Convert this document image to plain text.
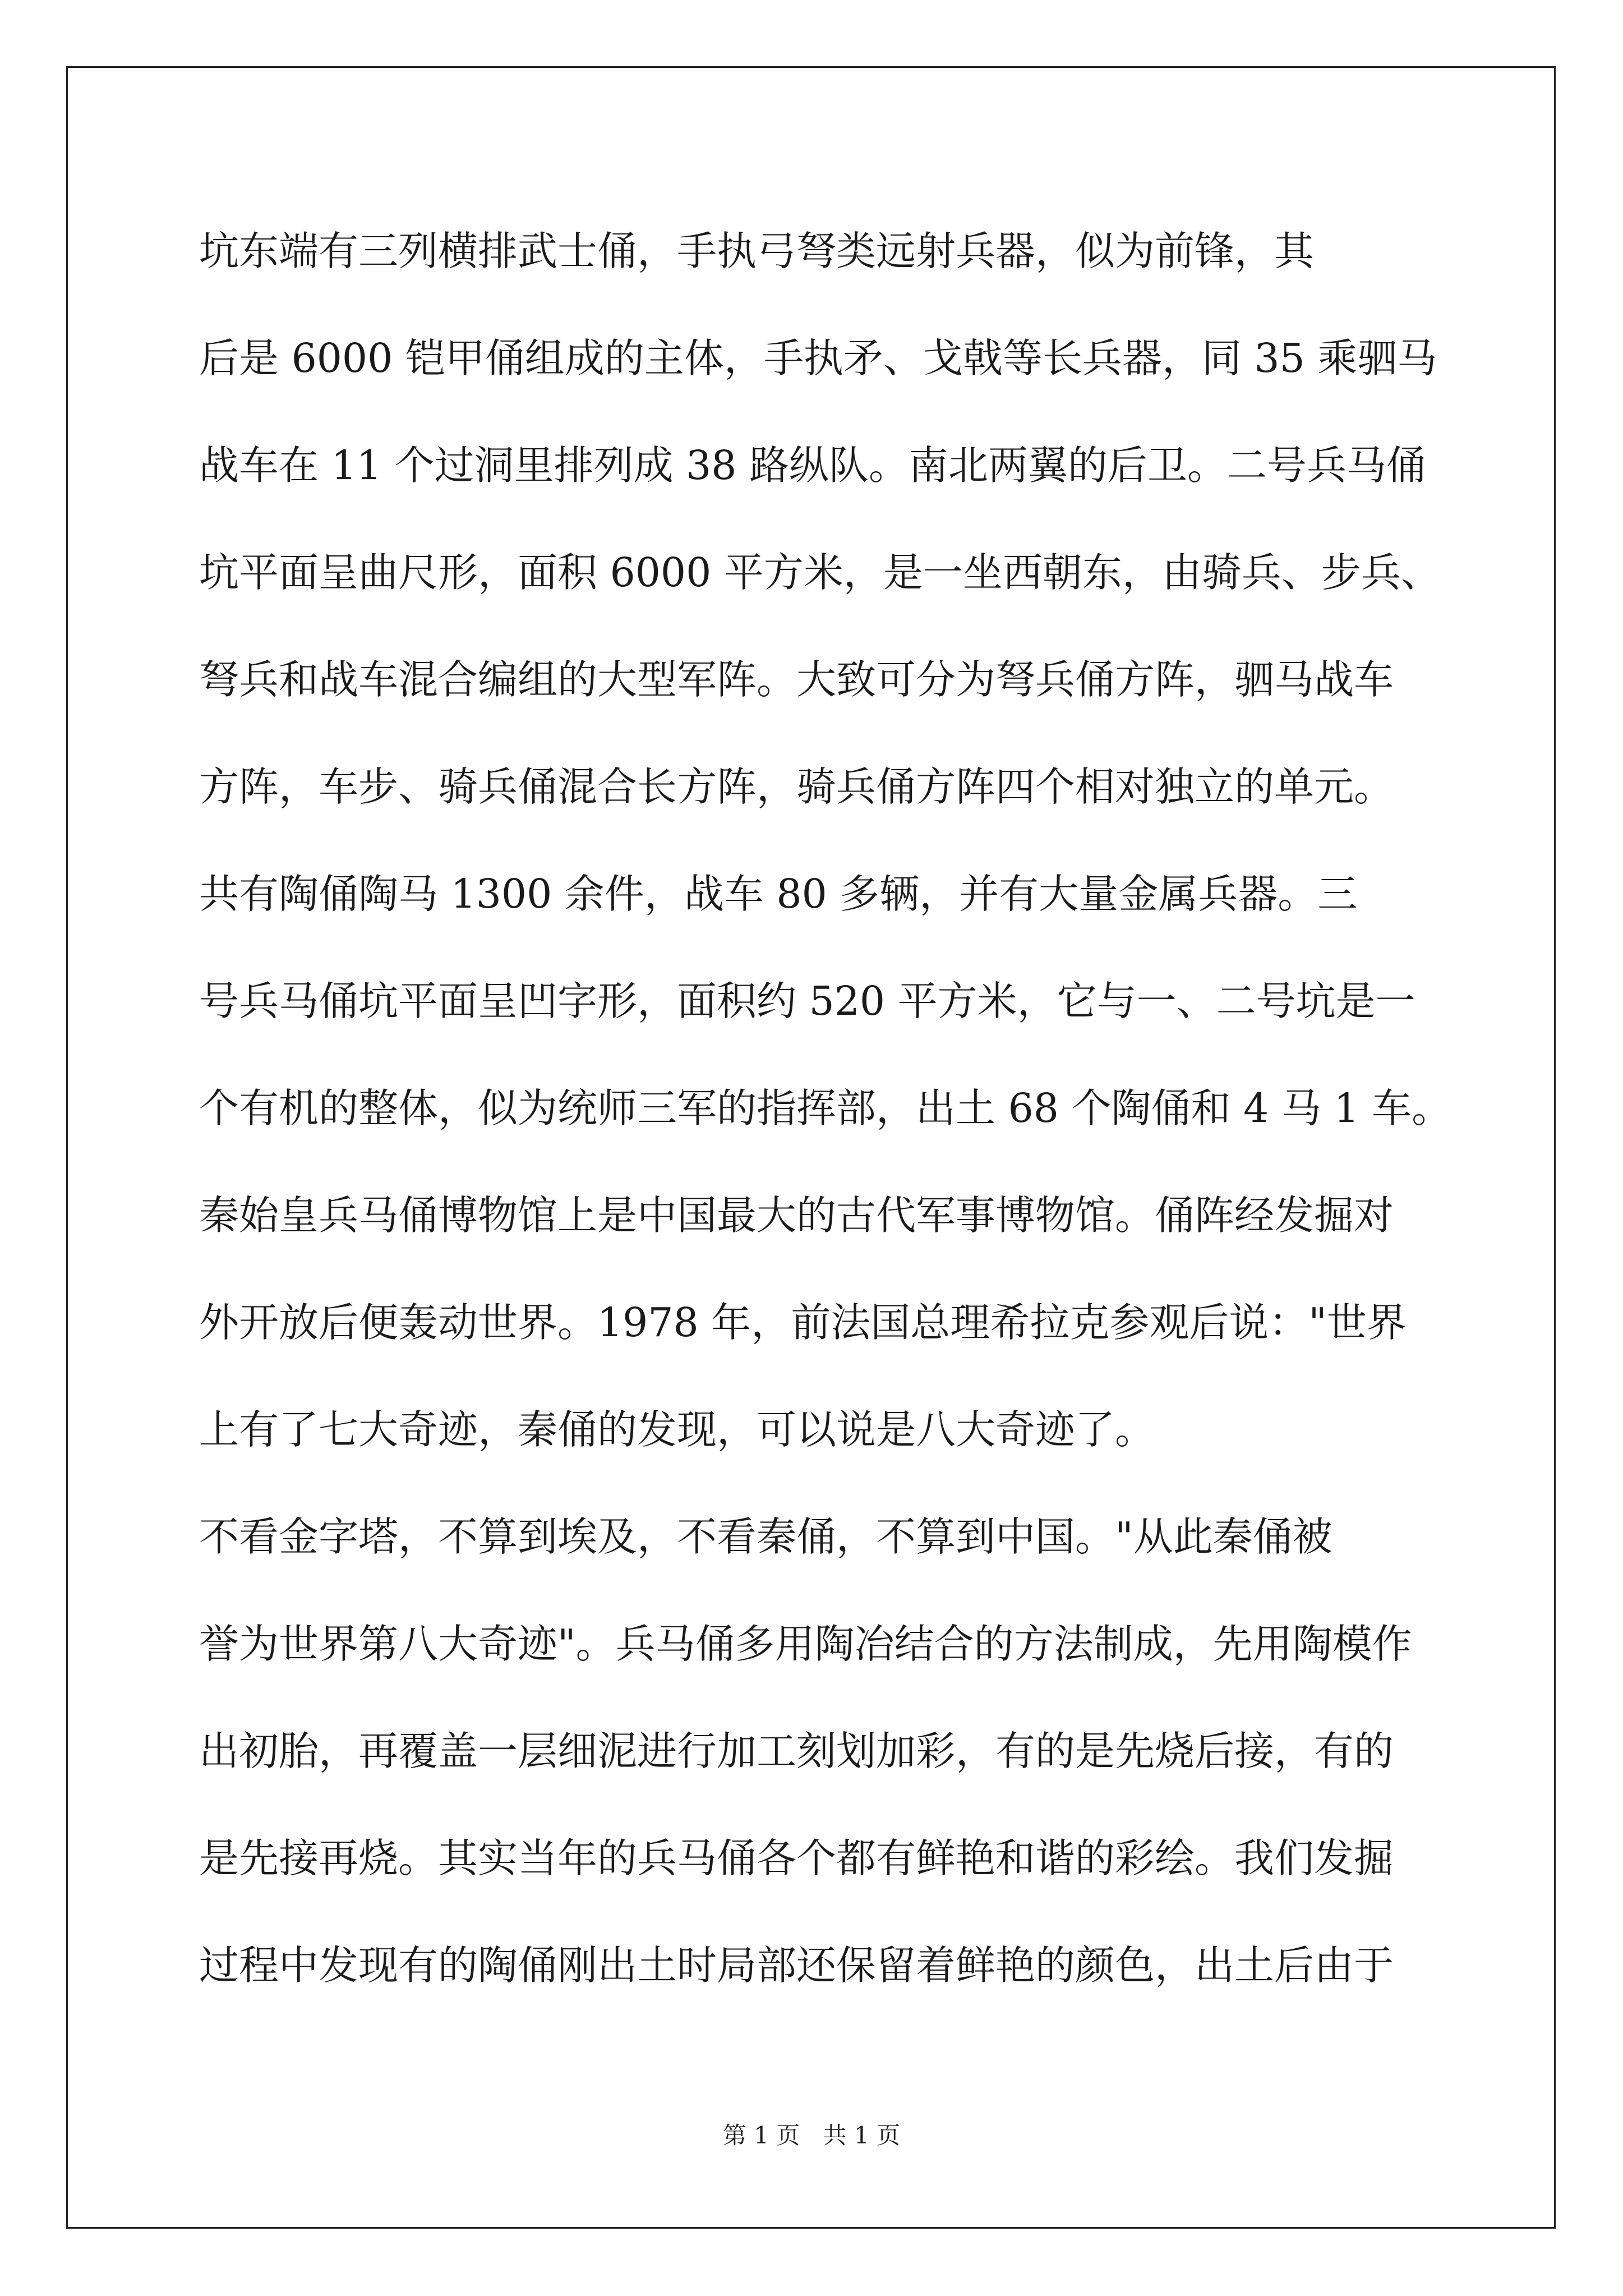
坑东端有三列横排武士俑，手执弓弩类远射兵器，似为前锋，其
后是 6000 铠甲俑组成的主体，手执矛、戈戟等长兵器，同 35 乘驷马
战车在 11 个过洞里排列成 38 路纵队。南北两翼的后卫。二号兵马俑
坑平面呈曲尺形，面积 6000 平方米，是一坐西朝东，由骑兵、步兵、
弩兵和战车混合编组的大型军阵。大致可分为弩兵俑方阵，驷马战车
方阵，车步、骑兵俑混合长方阵，骑兵俑方阵四个相对独立的单元。
共有陶俑陶马 1300 余件，战车 80 多辆，并有大量金属兵器。三
号兵马俑坑平面呈凹字形，面积约 520 平方米，它与一、二号坑是一
个有机的整体，似为统师三军的指挥部，出土 68 个陶俑和 4 马 1 车。
秦始皇兵马俑博物馆上是中国最大的古代军事博物馆。俑阵经发掘对
外开放后便轰动世界。1978 年，前法国总理希拉克参观后说："世界
上有了七大奇迹，秦俑的发现，可以说是八大奇迹了。
不看金字塔，不算到埃及，不看秦俑，不算到中国。"从此秦俑被
誉为世界第八大奇迹"。兵马俑多用陶冶结合的方法制成，先用陶模作
出初胎，再覆盖一层细泥进行加工刻划加彩，有的是先烧后接，有的
是先接再烧。其实当年的兵马俑各个都有鲜艳和谐的彩绘。我们发掘
过程中发现有的陶俑刚出土时局部还保留着鲜艳的颜色，出土后由于
第 1 页 共 1 页
